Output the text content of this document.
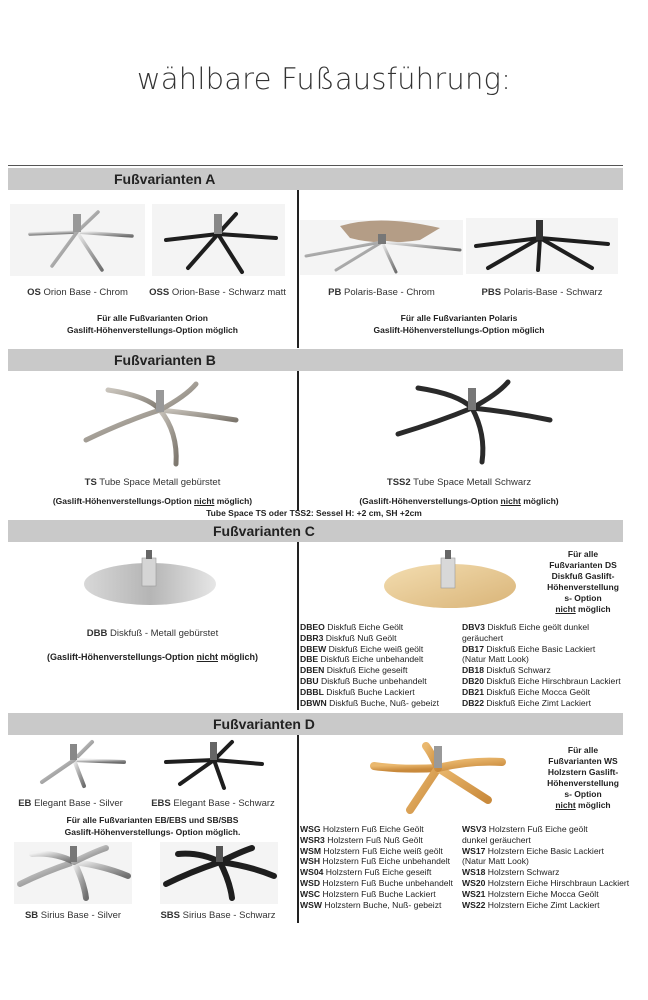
wählbare Fußausführung:
Fußvarianten A
OS Orion Base - Chrom	OSS Orion-Base - Schwarz matt	PB Polaris-Base - Chrom	PBS Polaris-Base - Schwarz
Für alle Fußvarianten Orion
Gaslift-Höhenverstellungs-Option möglich
Für alle Fußvarianten Polaris
Gaslift-Höhenverstellungs-Option möglich
Fußvarianten B
TS Tube Space Metall gebürstet	TSS2 Tube Space Metall Schwarz
(Gaslift-Höhenverstellungs-Option nicht möglich)	(Gaslift-Höhenverstellungs-Option nicht möglich)
Tube Space TS oder TSS2: Sessel H: +2 cm, SH +2cm
Fußvarianten C
Für alle
Fußvarianten DS
Diskfuß Gaslift-
Höhenverstellung
s- Option
nicht möglich
DBB Diskfuß - Metall gebürstet
(Gaslift-Höhenverstellungs-Option nicht möglich)
DBEO Diskfuß Eiche Geölt
DBR3 Diskfuß Nuß Geölt
DBEW Diskfuß Eiche weiß geölt
DBE Diskfuß Eiche unbehandelt
DBEN Diskfuß Eiche geseift
DBU Diskfuß Buche unbehandelt
DBBL Diskfuß Buche Lackiert
DBWN Diskfuß Buche, Nuß- gebeizt
DBV3 Diskfuß Eiche geölt dunkel
geräuchert
DB17 Diskfuß Eiche Basic Lackiert
(Natur Matt Look)
DB18 Diskfuß Schwarz
DB20 Diskfuß Eiche Hirschbraun Lackiert
DB21 Diskfuß Eiche Mocca Geölt
DB22 Diskfuß Eiche Zimt Lackiert
Fußvarianten D
EB Elegant Base - Silver	EBS Elegant Base - Schwarz
Für alle Fußvarianten EB/EBS und SB/SBS
Gaslift-Höhenverstellungs- Option möglich.
SB Sirius Base - Silver	SBS Sirius Base - Schwarz
Für alle
Fußvarianten WS
Holzstern Gaslift-
Höhenverstellung
s- Option
nicht möglich
WSG Holzstern Fuß Eiche Geölt
WSR3 Holzstern Fuß Nuß Geölt
WSM Holzstern Fuß Eiche weiß geölt
WSH Holzstern Fuß Eiche unbehandelt
WS04 Holzstern Fuß Eiche geseift
WSD Holzstern Fuß Buche unbehandelt
WSC Holzstern Fuß Buche Lackiert
WSW Holzstern Buche, Nuß- gebeizt
WSV3 Holzstern Fuß Eiche geölt
dunkel geräuchert
WS17 Holzstern Eiche Basic Lackiert
(Natur Matt Look)
WS18 Holzstern Schwarz
WS20 Holzstern Eiche Hirschbraun Lackiert
WS21 Holzstern Eiche Mocca Geölt
WS22 Holzstern Eiche Zimt Lackiert
